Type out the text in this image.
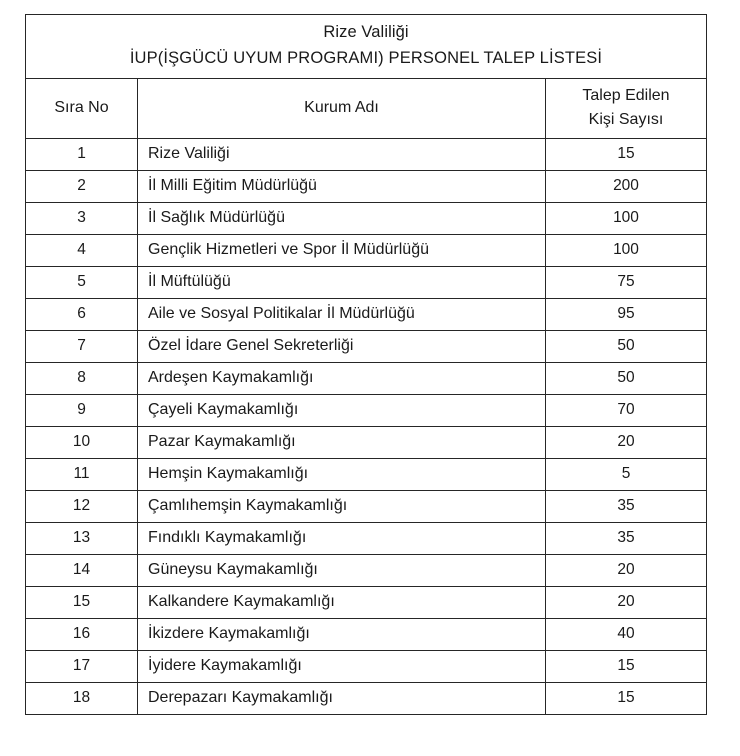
Rize Valiliği
İUP(İŞGÜCÜ UYUM PROGRAMI) PERSONEL TALEP LİSTESİ		

Sıra No	Kurum Adı	Talep Edilen
Kişi Sayısı

1	Rize Valiliği	15
2	İl Milli Eğitim Müdürlüğü	200
3	İl Sağlık Müdürlüğü	100
4	Gençlik Hizmetleri ve Spor İl Müdürlüğü	100
5	İl Müftülüğü	75
6	Aile ve Sosyal Politikalar İl Müdürlüğü	95
7	Özel İdare Genel Sekreterliği	50
8	Ardeşen Kaymakamlığı	50
9	Çayeli Kaymakamlığı	70
10	Pazar Kaymakamlığı	20
11	Hemşin Kaymakamlığı	5
12	Çamlıhemşin Kaymakamlığı	35
13	Fındıklı Kaymakamlığı	35
14	Güneysu Kaymakamlığı	20
15	Kalkandere Kaymakamlığı	20
16	İkizdere Kaymakamlığı	40
17	İyidere Kaymakamlığı	15
18	Derepazarı Kaymakamlığı	15
